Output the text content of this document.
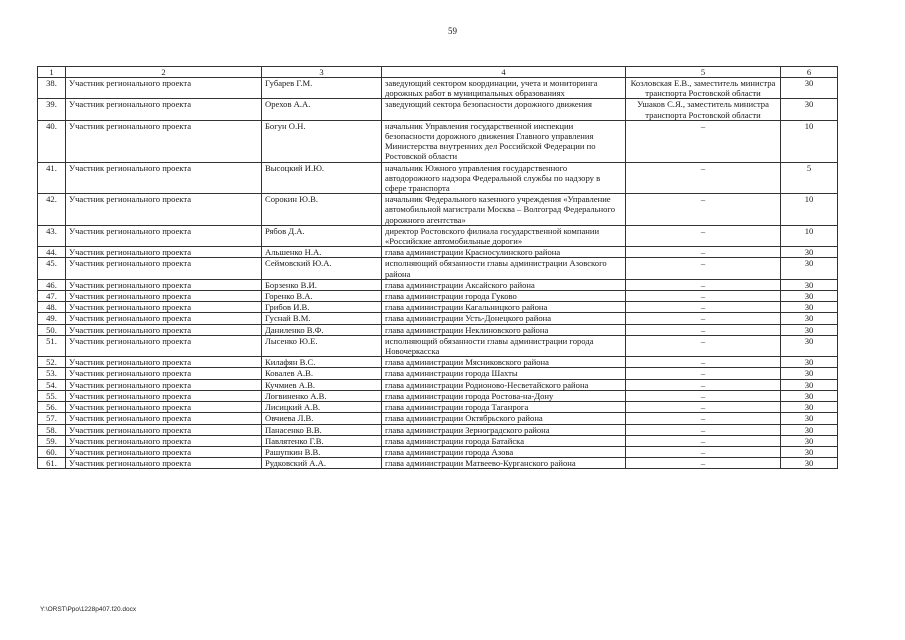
59
1	2	3	4	5	6
38.	Участник регионального проекта	Губарев Г.М.	заведующий сектором координации, учета и мониторинга дорожных работ в муниципальных образованиях	Козловская Е.В., заместитель министра транспорта Ростовской области	30
39.	Участник регионального проекта	Орехов А.А.	заведующий сектора безопасности дорожного движения	Ушаков С.Я., заместитель министра транспорта Ростовской области	30
40.	Участник регионального проекта	Богун О.Н.	начальник Управления государственной инспекции безопасности дорожного движения Главного управления Министерства внутренних дел Российской Федерации по Ростовской области	–	10
41.	Участник регионального проекта	Высоцкий И.Ю.	начальник Южного управления государственного автодорожного надзора Федеральной службы по надзору в сфере транспорта	–	5
42.	Участник регионального проекта	Сорокин Ю.В.	начальник Федерального казенного учреждения «Управление автомобильной магистрали Москва – Волгоград Федерального дорожного агентства»	–	10
43.	Участник регионального проекта	Рябов Д.А.	директор Ростовского филиала государственной компании «Российские автомобильные дороги»	–	10
44.	Участник регионального проекта	Альшенко Н.А.	глава администрации Красносулинского района	–	30
45.	Участник регионального проекта	Сеймовский Ю.А.	исполняющий обязанности главы администрации Азовского района	–	30
46.	Участник регионального проекта	Борзенко В.И.	глава администрации Аксайского района	–	30
47.	Участник регионального проекта	Горенко В.А.	глава администрации города Гуково	–	30
48.	Участник регионального проекта	Грибов И.В.	глава администрации Кагальницкого района	–	30
49.	Участник регионального проекта	Гуснай В.М.	глава администрации Усть-Донецкого района	–	30
50.	Участник регионального проекта	Даниленко В.Ф.	глава администрации Неклиновского района	–	30
51.	Участник регионального проекта	Лысенко Ю.Е.	исполняющий обязанности главы администрации города Новочеркасска	–	30
52.	Участник регионального проекта	Килафян В.С.	глава администрации Мясниковского района	–	30
53.	Участник регионального проекта	Ковалев А.В.	глава администрации города Шахты	–	30
54.	Участник регионального проекта	Кучмиев А.В.	глава администрации Родионово-Несветайского района	–	30
55.	Участник регионального проекта	Логвиненко А.В.	глава администрации города Ростова-на-Дону	–	30
56.	Участник регионального проекта	Лисицкий А.В.	глава администрации города Таганрога	–	30
57.	Участник регионального проекта	Овчиева Л.В.	глава администрации Октябрьского района	–	30
58.	Участник регионального проекта	Панасенко В.В.	глава администрации Зерноградского района	–	30
59.	Участник регионального проекта	Павлятенко Г.В.	глава администрации города Батайска	–	30
60.	Участник регионального проекта	Рашупкин В.В.	глава администрации города Азова	–	30
61.	Участник регионального проекта	Рудковский А.А.	глава администрации Матвеево-Курганского района	–	30
Y:\ORST\Ppo\1228p407.f20.docx
